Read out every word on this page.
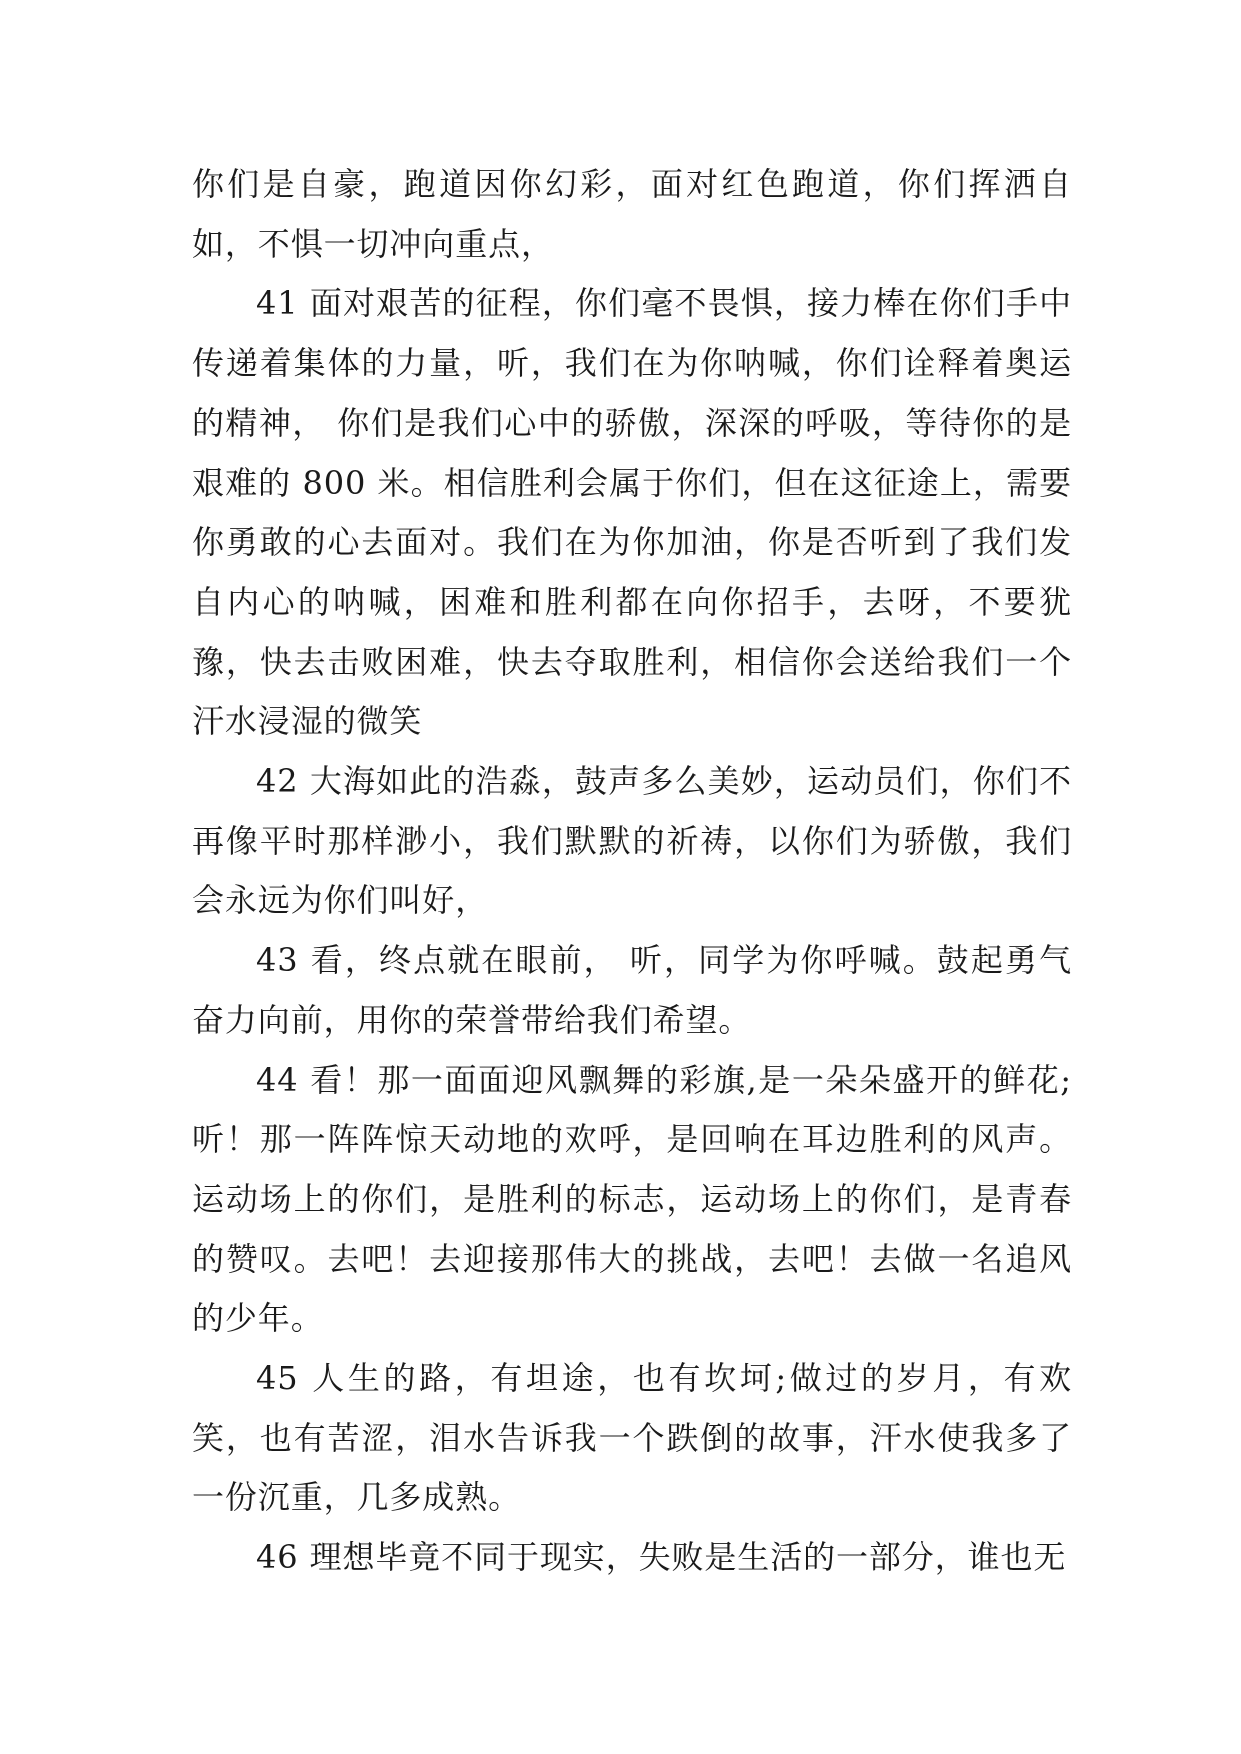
你们是自豪，跑道因你幻彩，面对红色跑道，你们挥洒自如，不惧一切冲向重点，

41 面对艰苦的征程，你们毫不畏惧，接力棒在你们手中传递着集体的力量，听，我们在为你呐喊，你们诠释着奥运的精神， 你们是我们心中的骄傲，深深的呼吸，等待你的是艰难的 800 米。相信胜利会属于你们，但在这征途上，需要你勇敢的心去面对。我们在为你加油，你是否听到了我们发自内心的呐喊，困难和胜利都在向你招手，去呀，不要犹豫，快去击败困难，快去夺取胜利，相信你会送给我们一个汗水浸湿的微笑

42 大海如此的浩淼，鼓声多么美妙，运动员们，你们不再像平时那样渺小，我们默默的祈祷，以你们为骄傲，我们会永远为你们叫好，

43 看，终点就在眼前， 听，同学为你呼喊。鼓起勇气奋力向前，用你的荣誉带给我们希望。

44 看！那一面面迎风飘舞的彩旗,是一朵朵盛开的鲜花;听！那一阵阵惊天动地的欢呼，是回响在耳边胜利的风声。运动场上的你们，是胜利的标志，运动场上的你们，是青春的赞叹。去吧！去迎接那伟大的挑战，去吧！去做一名追风的少年。

45 人生的路，有坦途，也有坎坷;做过的岁月，有欢笑，也有苦涩，泪水告诉我一个跌倒的故事，汗水使我多了一份沉重，几多成熟。

46 理想毕竟不同于现实，失败是生活的一部分，谁也无
